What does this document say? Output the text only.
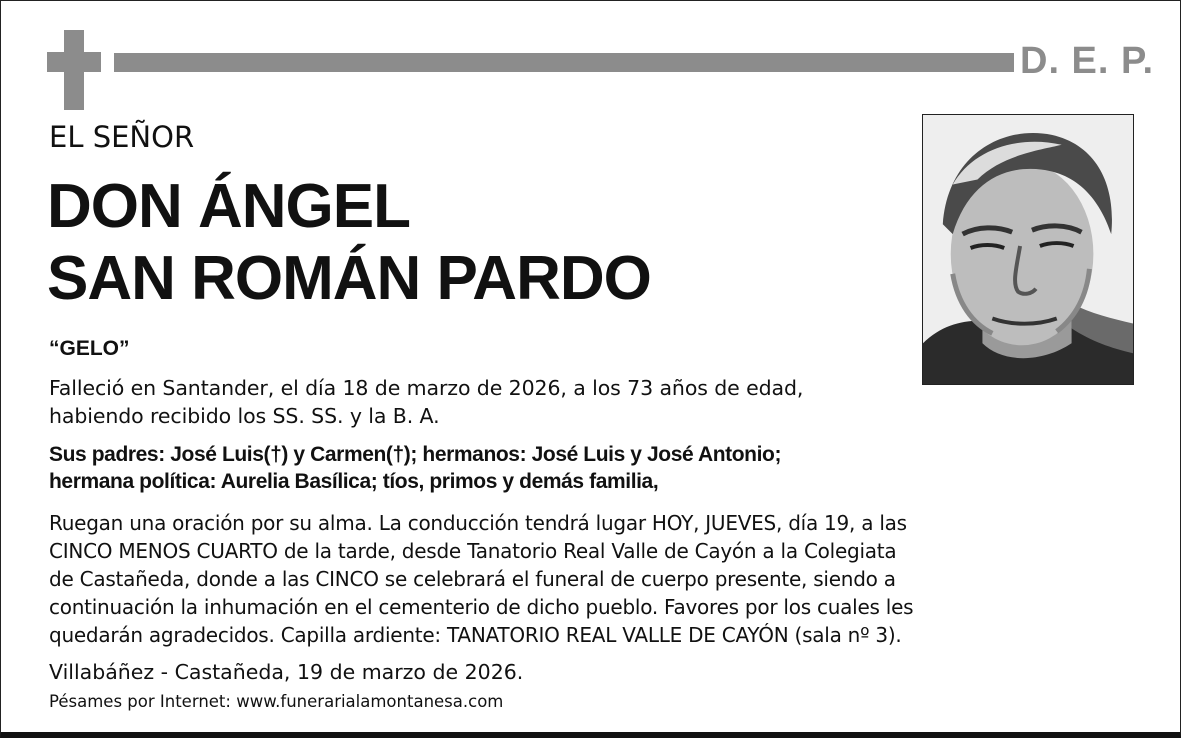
D. E. P.
EL SEÑOR
DON ÁNGEL
SAN ROMÁN PARDO
“GELO”
Falleció en Santander, el día 18 de marzo de 2026, a los 73 años de edad,
habiendo recibido los SS. SS. y la B. A.
Sus padres: José Luis(†) y Carmen(†); hermanos: José Luis y José Antonio;
hermana política: Aurelia Basílica; tíos, primos y demás familia,
Ruegan una oración por su alma. La conducción tendrá lugar HOY, JUEVES, día 19, a las
CINCO MENOS CUARTO de la tarde, desde Tanatorio Real Valle de Cayón a la Colegiata
de Castañeda, donde a las CINCO se celebrará el funeral de cuerpo presente, siendo a
continuación la inhumación en el cementerio de dicho pueblo. Favores por los cuales les
quedarán agradecidos. Capilla ardiente: TANATORIO REAL VALLE DE CAYÓN (sala nº 3).
Villabáñez - Castañeda, 19 de marzo de 2026.
Pésames por Internet: www.funerarialamontanesa.com
